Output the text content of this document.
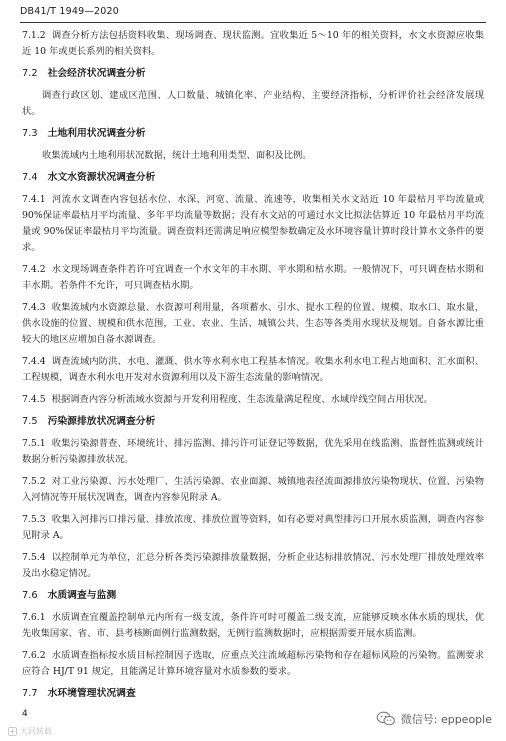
DB41/T 1949—2020
7.1.2 调查分析方法包括资料收集、现场调查、现状监测。宜收集近 5～10 年的相关资料，水文水资源应收集近 10 年或更长系列的相关资料。
7.2 社会经济状况调查分析
调查行政区划、建成区范围、人口数量、城镇化率、产业结构、主要经济指标，分析评价社会经济发展现状。
7.3 土地利用状况调查分析
收集流域内土地利用状况数据，统计土地利用类型、面积及比例。
7.4 水文水资源状况调查分析
7.4.1 河流水文调查内容包括水位、水深、河宽、流量、流速等，收集相关水文站近 10 年最枯月平均流量或 90%保证率最枯月平均流量、多年平均流量等数据；没有水文站的可通过水文比拟法估算近 10 年最枯月平均流量或 90%保证率最枯月平均流量。调查资料还需满足响应模型参数确定及水环境容量计算时段计算水文条件的要求。
7.4.2 水文现场调查条件若许可宜调查一个水文年的丰水期、平水期和枯水期。一般情况下，可只调查枯水期和丰水期。若条件不允许，可只调查枯水期。
7.4.3 收集流域内水资源总量、水资源可利用量，各项蓄水、引水、提水工程的位置、规模、取水口、取水量，供水设施的位置、规模和供水范围，工业、农业、生活、城镇公共、生态等各类用水现状及规划。自备水源比重较大的地区应增加自备水源调查。
7.4.4 调查流域内防洪、水电、灌溉、供水等水利水电工程基本情况。收集水利水电工程占地面积、汇水面积、工程规模，调查水利水电开发对水资源利用以及下游生态流量的影响情况。
7.4.5 根据调查内容分析流域水资源与开发利用程度、生态流量满足程度、水域岸线空间占用状况。
7.5 污染源排放状况调查分析
7.5.1 收集污染源普查、环境统计、排污监测、排污许可证登记等数据，优先采用在线监测、监督性监测或统计数据分析污染源排放状况。
7.5.2 对工业污染源、污水处理厂、生活污染源、农业面源、城镇地表径流面源排放污染物现状、位置、污染物入河情况等开展状况调查，调查内容参见附录 A。
7.5.3 收集入河排污口排污量、排放浓度、排放位置等资料，如有必要对典型排污口开展水质监测，调查内容参见附录 A。
7.5.4 以控制单元为单位，汇总分析各类污染源排放量数据，分析企业达标排放情况、污水处理厂排放处理效率及出水稳定情况。
7.6 水质调查与监测
7.6.1 水质调查宜覆盖控制单元内所有一级支流，条件许可时可覆盖二级支流，应能够反映水体水质的现状，优先收集国家、省、市、县考核断面例行监测数据，无例行监测数据时，应根据需要开展水质监测。
7.6.2 水质调查指标按水质目标控制因子选取，应重点关注流域超标污染物和存在超标风险的污染物。监测要求应符合 HJ/T 91 规定，且能满足计算环境容量对水质参数的要求。
7.7 水环境管理状况调查
4
大同转载
微信号: eppeople
